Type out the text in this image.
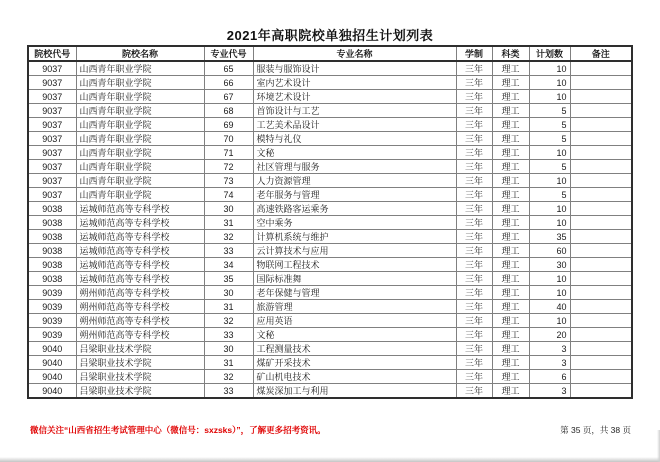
2021年高职院校单独招生计划列表
院校代号	院校名称	专业代号	专业名称	学制	科类	计划数	备注
9037	山西青年职业学院	65	服装与服饰设计	三年	理工	10	
9037	山西青年职业学院	66	室内艺术设计	三年	理工	10	
9037	山西青年职业学院	67	环境艺术设计	三年	理工	10	
9037	山西青年职业学院	68	首饰设计与工艺	三年	理工	5	
9037	山西青年职业学院	69	工艺美术品设计	三年	理工	5	
9037	山西青年职业学院	70	模特与礼仪	三年	理工	5	
9037	山西青年职业学院	71	文秘	三年	理工	10	
9037	山西青年职业学院	72	社区管理与服务	三年	理工	5	
9037	山西青年职业学院	73	人力资源管理	三年	理工	10	
9037	山西青年职业学院	74	老年服务与管理	三年	理工	5	
9038	运城师范高等专科学校	30	高速铁路客运乘务	三年	理工	10	
9038	运城师范高等专科学校	31	空中乘务	三年	理工	10	
9038	运城师范高等专科学校	32	计算机系统与维护	三年	理工	35	
9038	运城师范高等专科学校	33	云计算技术与应用	三年	理工	60	
9038	运城师范高等专科学校	34	物联网工程技术	三年	理工	30	
9038	运城师范高等专科学校	35	国际标准舞	三年	理工	10	
9039	朔州师范高等专科学校	30	老年保健与管理	三年	理工	10	
9039	朔州师范高等专科学校	31	旅游管理	三年	理工	40	
9039	朔州师范高等专科学校	32	应用英语	三年	理工	10	
9039	朔州师范高等专科学校	33	文秘	三年	理工	20	
9040	吕梁职业技术学院	30	工程测量技术	三年	理工	3	
9040	吕梁职业技术学院	31	煤矿开采技术	三年	理工	3	
9040	吕梁职业技术学院	32	矿山机电技术	三年	理工	6	
9040	吕梁职业技术学院	33	煤炭深加工与利用	三年	理工	3	
微信关注“山西省招生考试管理中心（微信号：sxzsks）”，了解更多招考资讯。	第 35 页，共 38 页
